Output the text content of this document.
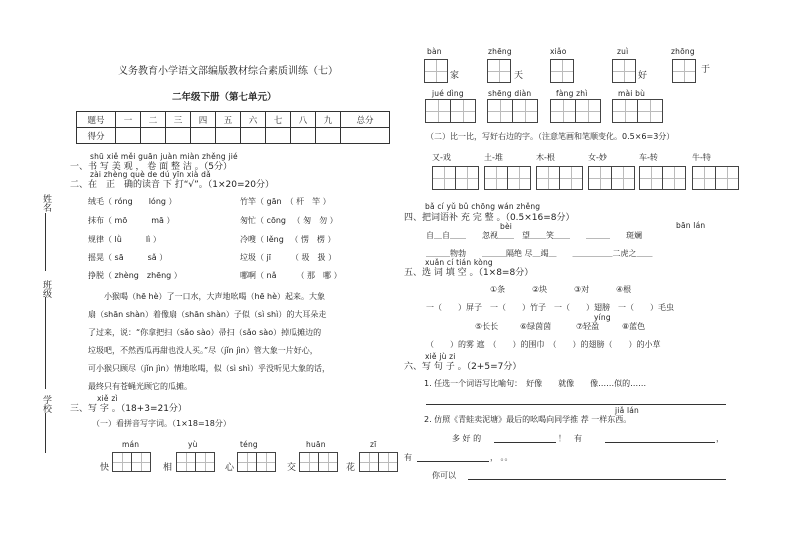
义务教育小学语文部编版教材综合素质训练（七）
二年级下册（第七单元）
题号	一	二	三	四	五	六	七	八	九	总分
得分										
姓名
班级
学校
shū xiě měi guān juàn miàn zhěng jié
一、书 写 美 观 ， 卷 面 整 洁 。（5分）
zài zhèng què de dú yīn xià dǎ
二、在　正　确的读音 下 打“√”。（1×20=20分）
绒毛（ róng　　lóng ）	竹竿（ gān　（ 杆　竿 ）
抹布（ mō　　　mā ）	匆忙（ cōng 　（ 匆　勿 ）
规律（ lǜ　　　lì ）	冷嗖（ lěng 　（ 愣　楞 ）
摇晃（ sā　　　sǎ ）	垃圾（ jī　　　（ 圾　扱 ）
挣脱（ zhèng　zhēng ）	哪啊（ nǎ　　　（ 那　哪 ）
小猴喝（hē hè）了一口水，大声地吆喝（hē hè）起来。大象
扇（shān shàn）着像扇（shān shàn）子似（sì shì）的大耳朵走
了过来，说：“你拿把扫（sǎo sào）帚扫（sǎo sào）掉瓜摊边的
垃圾吧，不然西瓜再甜也没人买。”尽（jǐn jìn）管大象一片好心，
可小猴只顾尽（jǐn jìn）情地吆喝，似（sì shì）乎没听见大象的话，
最终只有苍蝇光顾它的瓜摊。
xiě zì
三、写 字 。（18+3=21分）
（一）看拼音写字词。（1×18=18分）
mán
快
yù
相
téng
心
huān
交
zī
花
bàn
家
zhēng
天
xiǎo	zuì
好
zhōng
于
jué dìng	shēng diàn	fàng zhì	mài bù
（二）比一比，写好右边的字。（注意笔画和笔顺变化。0.5×6=3分）
又-戏	土-堆	木-根	女-妙	车-转	牛-特
bǎ cí yǔ bǔ chōng wán zhěng
四、把词语补 充 完 整 。（0.5×16=8分）
bèi	bān lán
自＿自＿＿　　忽视＿＿　望＿＿笑＿＿　　＿＿＿　　斑斓
＿＿＿物勃　　＿＿＿隔绝 尽＿竭＿　　＿＿＿＿＿二虎之＿＿
xuǎn cí tián kòng
五、选 词 填 空 。（1×8=8分）
①条	②块	③对	④根
一（　　）屏子　一（　　）竹子　一（　　）翅膀　一（　　）毛虫
yíng
⑤长长	⑥绿茵茵	⑦轻盈	⑧蓝色
（　　）的雾 遮　（　　）的围巾　（　　）的翅膀（　　）的小草
xiě jù zi
六、写 句 子 。（2+5=7分）
1. 任选一个词语写比喻句：　好像　　就像　　像……似的……
jiǎ lán
2. 仿照《青蛙卖泥塘》最后的吆喝向同学推 荐 一样东西。
多 好 的	！　有	，
有	， 。。
你可以
